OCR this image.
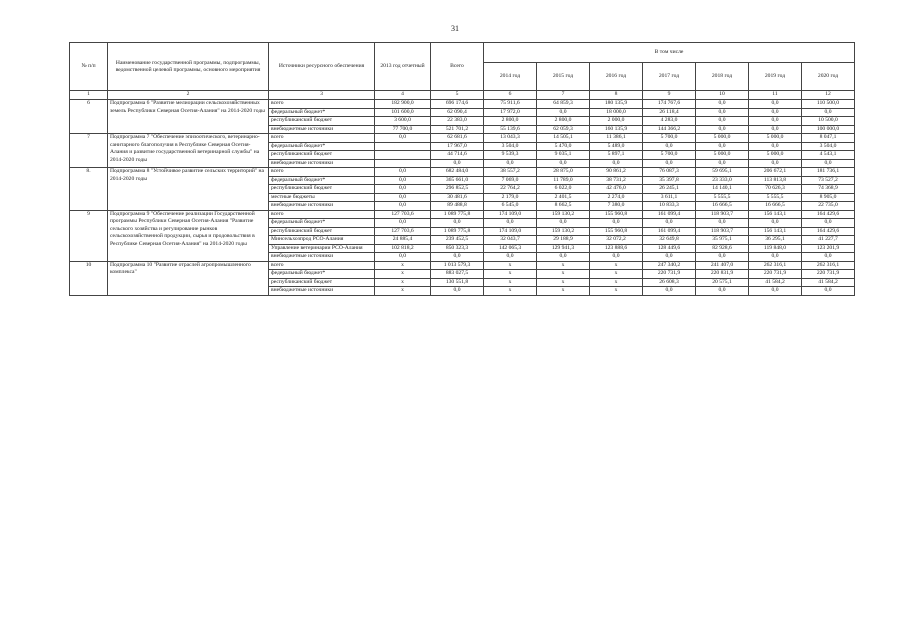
31
№ п/п	Наименование государственной программы, подпрограммы, ведомственной целевой программы, основного мероприятия	Источники ресурсного обеспечения	2013 год отчетный	Всего	В том числе						
					2014 год	2015 год	2016 год	2017 год	2018 год	2019 год	2020 год
1	2	3	4	5	6	7	8	9	10	11	12
6	Подпрограмма 6 "Развитие мелиорации сельскохозяйственных земель Республики Северная Осетия-Алания" на 2014-2020 годы	всего	182 900,0	696 174,6	75 911,6	64 859,3	180 135,9	174 767,6	0,0	0,0	110 500,0
		федеральный бюджет*	101 600,0	62 090,4	17 972,0	0,0	18 000,0	26 118,4	0,0	0,0	0,0
		республиканский бюджет	3 600,0	22 383,0	2 800,0	2 800,0	2 000,0	4 283,0	0,0	0,0	10 500,0
		внебюджетные источники	77 700,0	521 701,2	55 139,6	62 059,3	160 135,9	144 366,2	0,0	0,0	100 000,0
7	Подпрограмма 7 "Обеспечение эпизоотического, ветеринарно-санитарного благополучия в Республике Северная Осетия-Алания и развитие государственной ветеринарной службы" на 2014-2020 годы	всего	0,0	62 681,6	13 043,3	14 505,1	11 386,1	5 700,0	5 000,0	5 000,0	8 047,1
		федеральный бюджет*		17 967,0	3 504,0	5 470,0	5 489,0	0,0	0,0	0,0	3 504,0
		республиканский бюджет		44 714,6	9 539,3	9 035,1	5 897,1	5 700,0	5 000,0	5 000,0	4 543,1
		внебюджетные источники		0,0	0,0	0,0	0,0	0,0	0,0	0,0	0,0
8.	Подпрограмма 8 "Устойчивое развитие сельских территорий" на 2014-2020 годы	всего	0,0	682 484,0	38 557,2	28 875,0	90 861,2	76 087,3	59 695,1	206 672,1	181 736,1
		федеральный бюджет*	0,0	365 661,0	7 069,0	11 789,0	38 731,2	35 397,8	23 333,0	113 813,8	73 527,2
		республиканский бюджет	0,0	296 852,5	22 764,2	6 022,0	42 476,0	26 245,1	14 140,1	70 626,3	74 368,9
		местные бюджеты	0,0	30 481,6	2 179,0	2 401,5	2 274,0	3 611,1	5 555,5	5 555,5	8 905,0
		внебюджетные источники	0,0	89 488,8	6 545,0	8 662,5	7 380,0	10 833,3	16 666,5	16 666,5	22 735,0
9	Подпрограмма 9 "Обеспечение реализации Государственной программы Республики Северная Осетия-Алания "Развитие сельского хозяйства и регулирование рынков сельскохозяйственной продукции, сырья и продовольствия в Республике Северная Осетия-Алания" на 2014-2020 годы	всего	127 703,6	1 089 775,8	174 109,0	159 130,2	155 960,8	161 099,4	118 903,7	156 143,1	164 429,6
		федеральный бюджет*	0,0	0,0	0,0	0,0	0,0	0,0	0,0	0,0	0,0
		республиканский бюджет	127 703,6	1 089 775,8	174 109,0	159 130,2	155 960,8	161 099,4	118 903,7	156 143,1	164 429,6
		Минсельхозпрод РСО-Алания	24 885,4	239 452,5	32 043,7	29 188,9	32 072,2	32 649,8	35 975,1	36 295,1	41 227,7
		Управление ветеринарии РСО-Алания	102 818,2	850 323,3	142 065,3	129 941,3	123 888,6	128 449,6	82 928,6	119 848,0	123 201,9
		внебюджетные источники	0,0	0,0	0,0	0,0	0,0	0,0	0,0	0,0	0,0
10	Подпрограмма 10 "Развитие отраслей агропромышленного комплекса"	всего	x	1 013 579,3	x	x	x	247 340,2	241 407,0	262 316,1	262 316,1
		федеральный бюджет*	x	883 027,5	x	x	x	220 731,9	220 831,9	220 731,9	220 731,9
		республиканский бюджет	x	130 551,8	x	x	x	26 608,3	20 575,1	41 584,2	41 584,2
		внебюджетные источники	x	0,0	x	x	x	0,0	0,0	0,0	0,0
